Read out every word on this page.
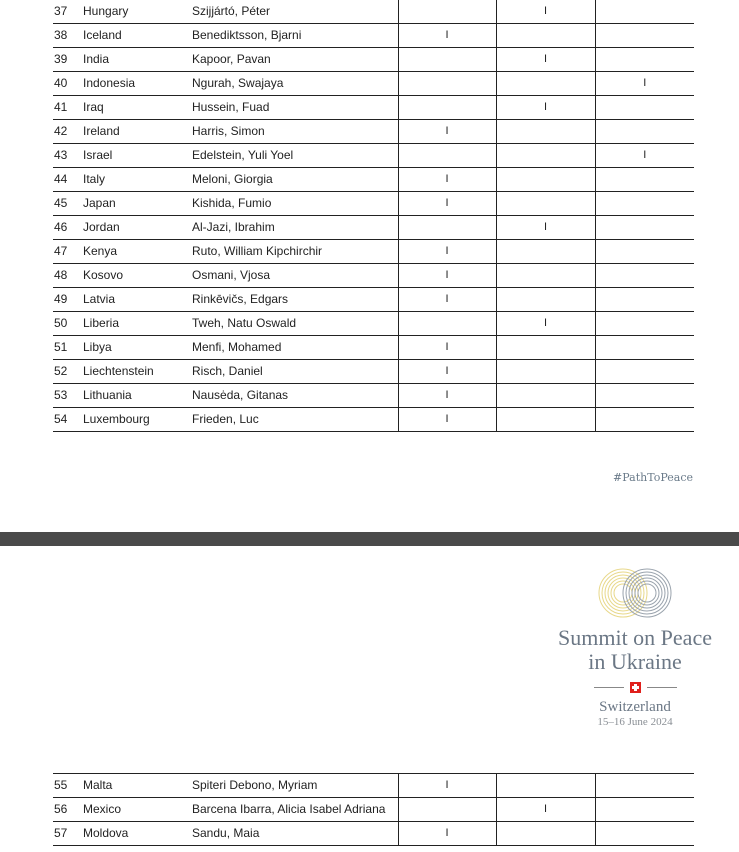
37	Hungary	Szijjártó, Péter		I	

38	Iceland	Benediktsson, Bjarni	I		

39	India	Kapoor, Pavan		I	

40	Indonesia	Ngurah, Swajaya			I

41	Iraq	Hussein, Fuad		I	

42	Ireland	Harris, Simon	I		

43	Israel	Edelstein, Yuli Yoel			I

44	Italy	Meloni, Giorgia	I		

45	Japan	Kishida, Fumio	I		

46	Jordan	Al-Jazi, Ibrahim		I	

47	Kenya	Ruto, William Kipchirchir	I		

48	Kosovo	Osmani, Vjosa	I		

49	Latvia	Rinkēvičs, Edgars	I		

50	Liberia	Tweh, Natu Oswald		I	

51	Libya	Menfi, Mohamed	I		

52	Liechtenstein	Risch, Daniel	I		

53	Lithuania	Nausėda, Gitanas	I		

54	Luxembourg	Frieden, Luc	I		

#PathToPeace
Summit on Peace
in Ukraine
Switzerland
15–16 June 2024
55	Malta	Spiteri Debono, Myriam	I		

56	Mexico	Barcena Ibarra, Alicia Isabel Adriana		I	

57	Moldova	Sandu, Maia	I		
